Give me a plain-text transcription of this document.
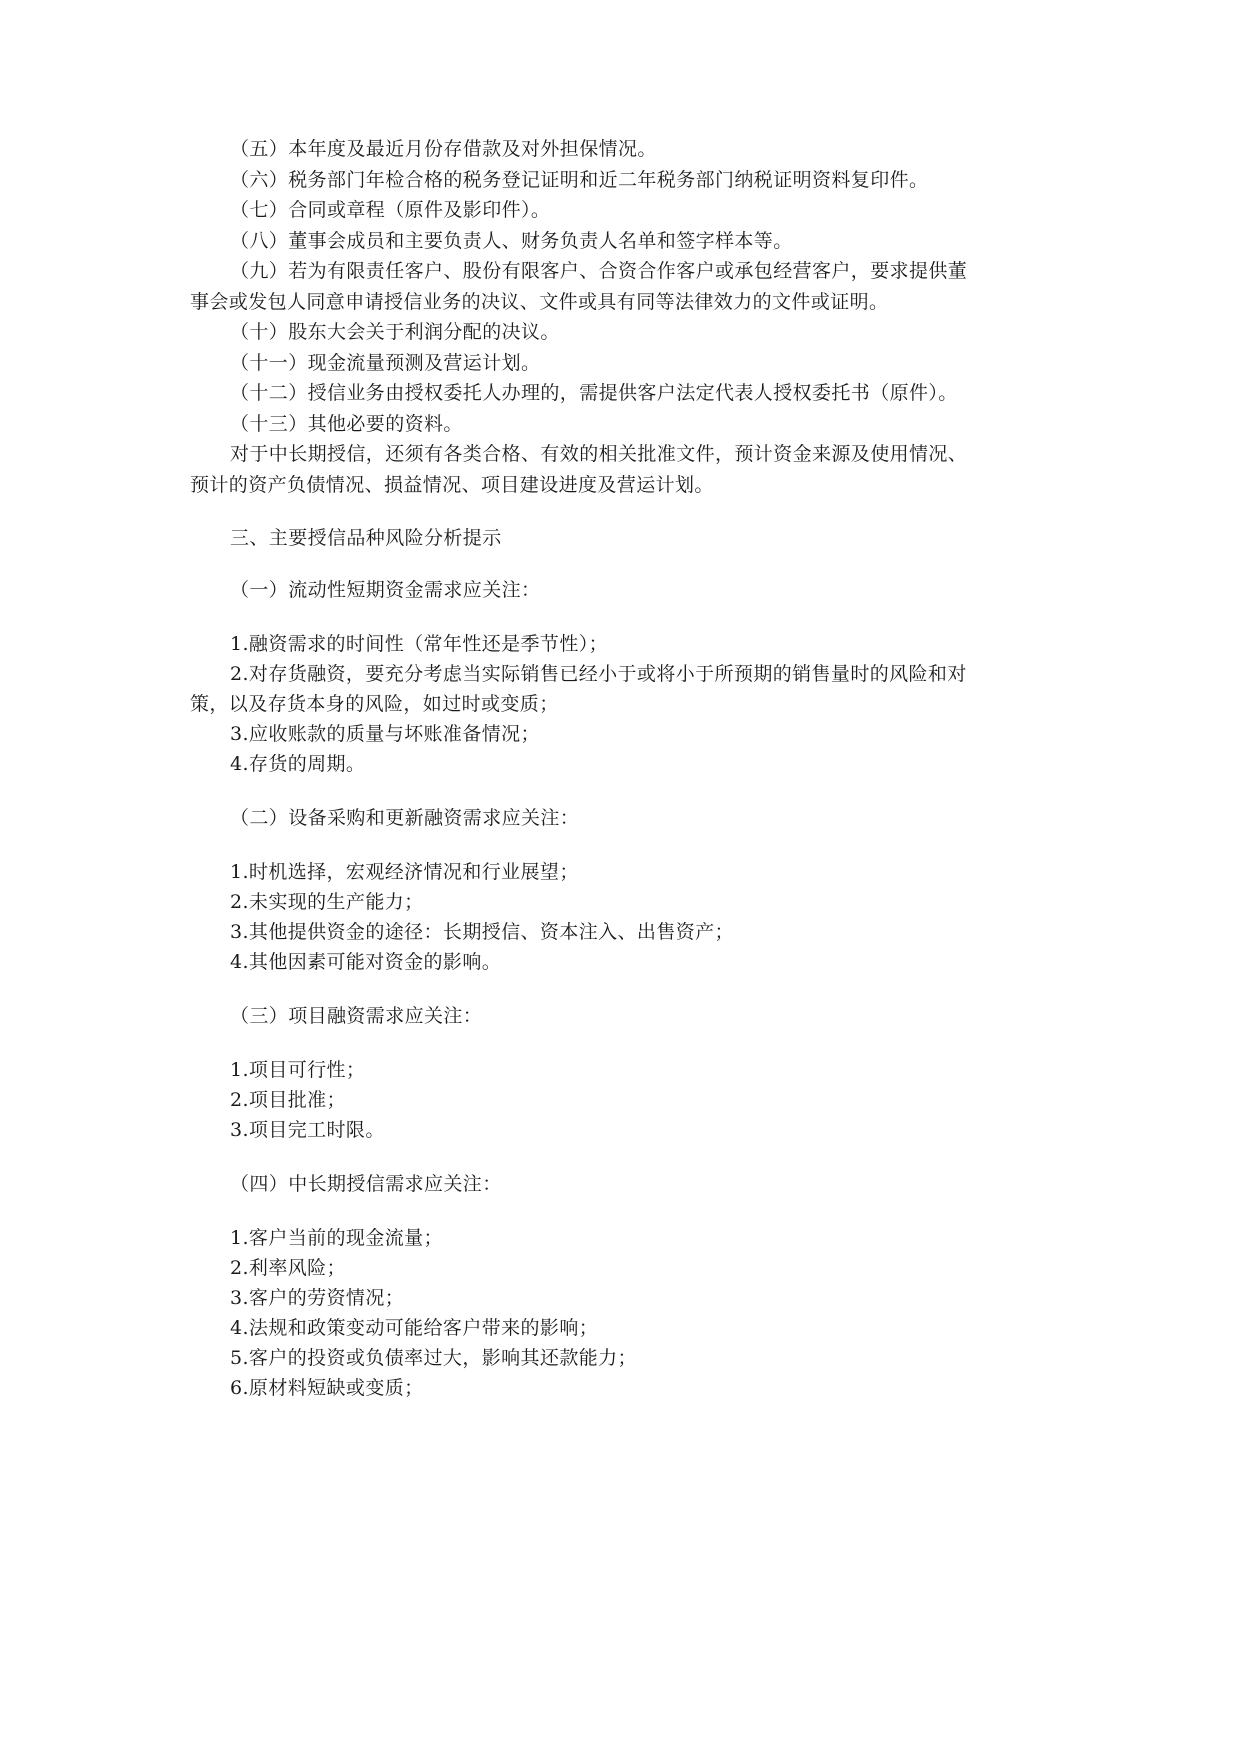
（五）本年度及最近月份存借款及对外担保情况。
（六）税务部门年检合格的税务登记证明和近二年税务部门纳税证明资料复印件。
（七）合同或章程（原件及影印件）。
（八）董事会成员和主要负责人、财务负责人名单和签字样本等。
（九）若为有限责任客户、股份有限客户、合资合作客户或承包经营客户，要求提供董
事会或发包人同意申请授信业务的决议、文件或具有同等法律效力的文件或证明。
（十）股东大会关于利润分配的决议。
（十一）现金流量预测及营运计划。
（十二）授信业务由授权委托人办理的，需提供客户法定代表人授权委托书（原件）。
（十三）其他必要的资料。
对于中长期授信，还须有各类合格、有效的相关批准文件，预计资金来源及使用情况、
预计的资产负债情况、损益情况、项目建设进度及营运计划。
三、主要授信品种风险分析提示
（一）流动性短期资金需求应关注：
1.融资需求的时间性（常年性还是季节性）；
2.对存货融资，要充分考虑当实际销售已经小于或将小于所预期的销售量时的风险和对
策，以及存货本身的风险，如过时或变质；
3.应收账款的质量与坏账准备情况；
4.存货的周期。
（二）设备采购和更新融资需求应关注：
1.时机选择，宏观经济情况和行业展望；
2.未实现的生产能力；
3.其他提供资金的途径：长期授信、资本注入、出售资产；
4.其他因素可能对资金的影响。
（三）项目融资需求应关注：
1.项目可行性；
2.项目批准；
3.项目完工时限。
（四）中长期授信需求应关注：
1.客户当前的现金流量；
2.利率风险；
3.客户的劳资情况；
4.法规和政策变动可能给客户带来的影响；
5.客户的投资或负债率过大，影响其还款能力；
6.原材料短缺或变质；
